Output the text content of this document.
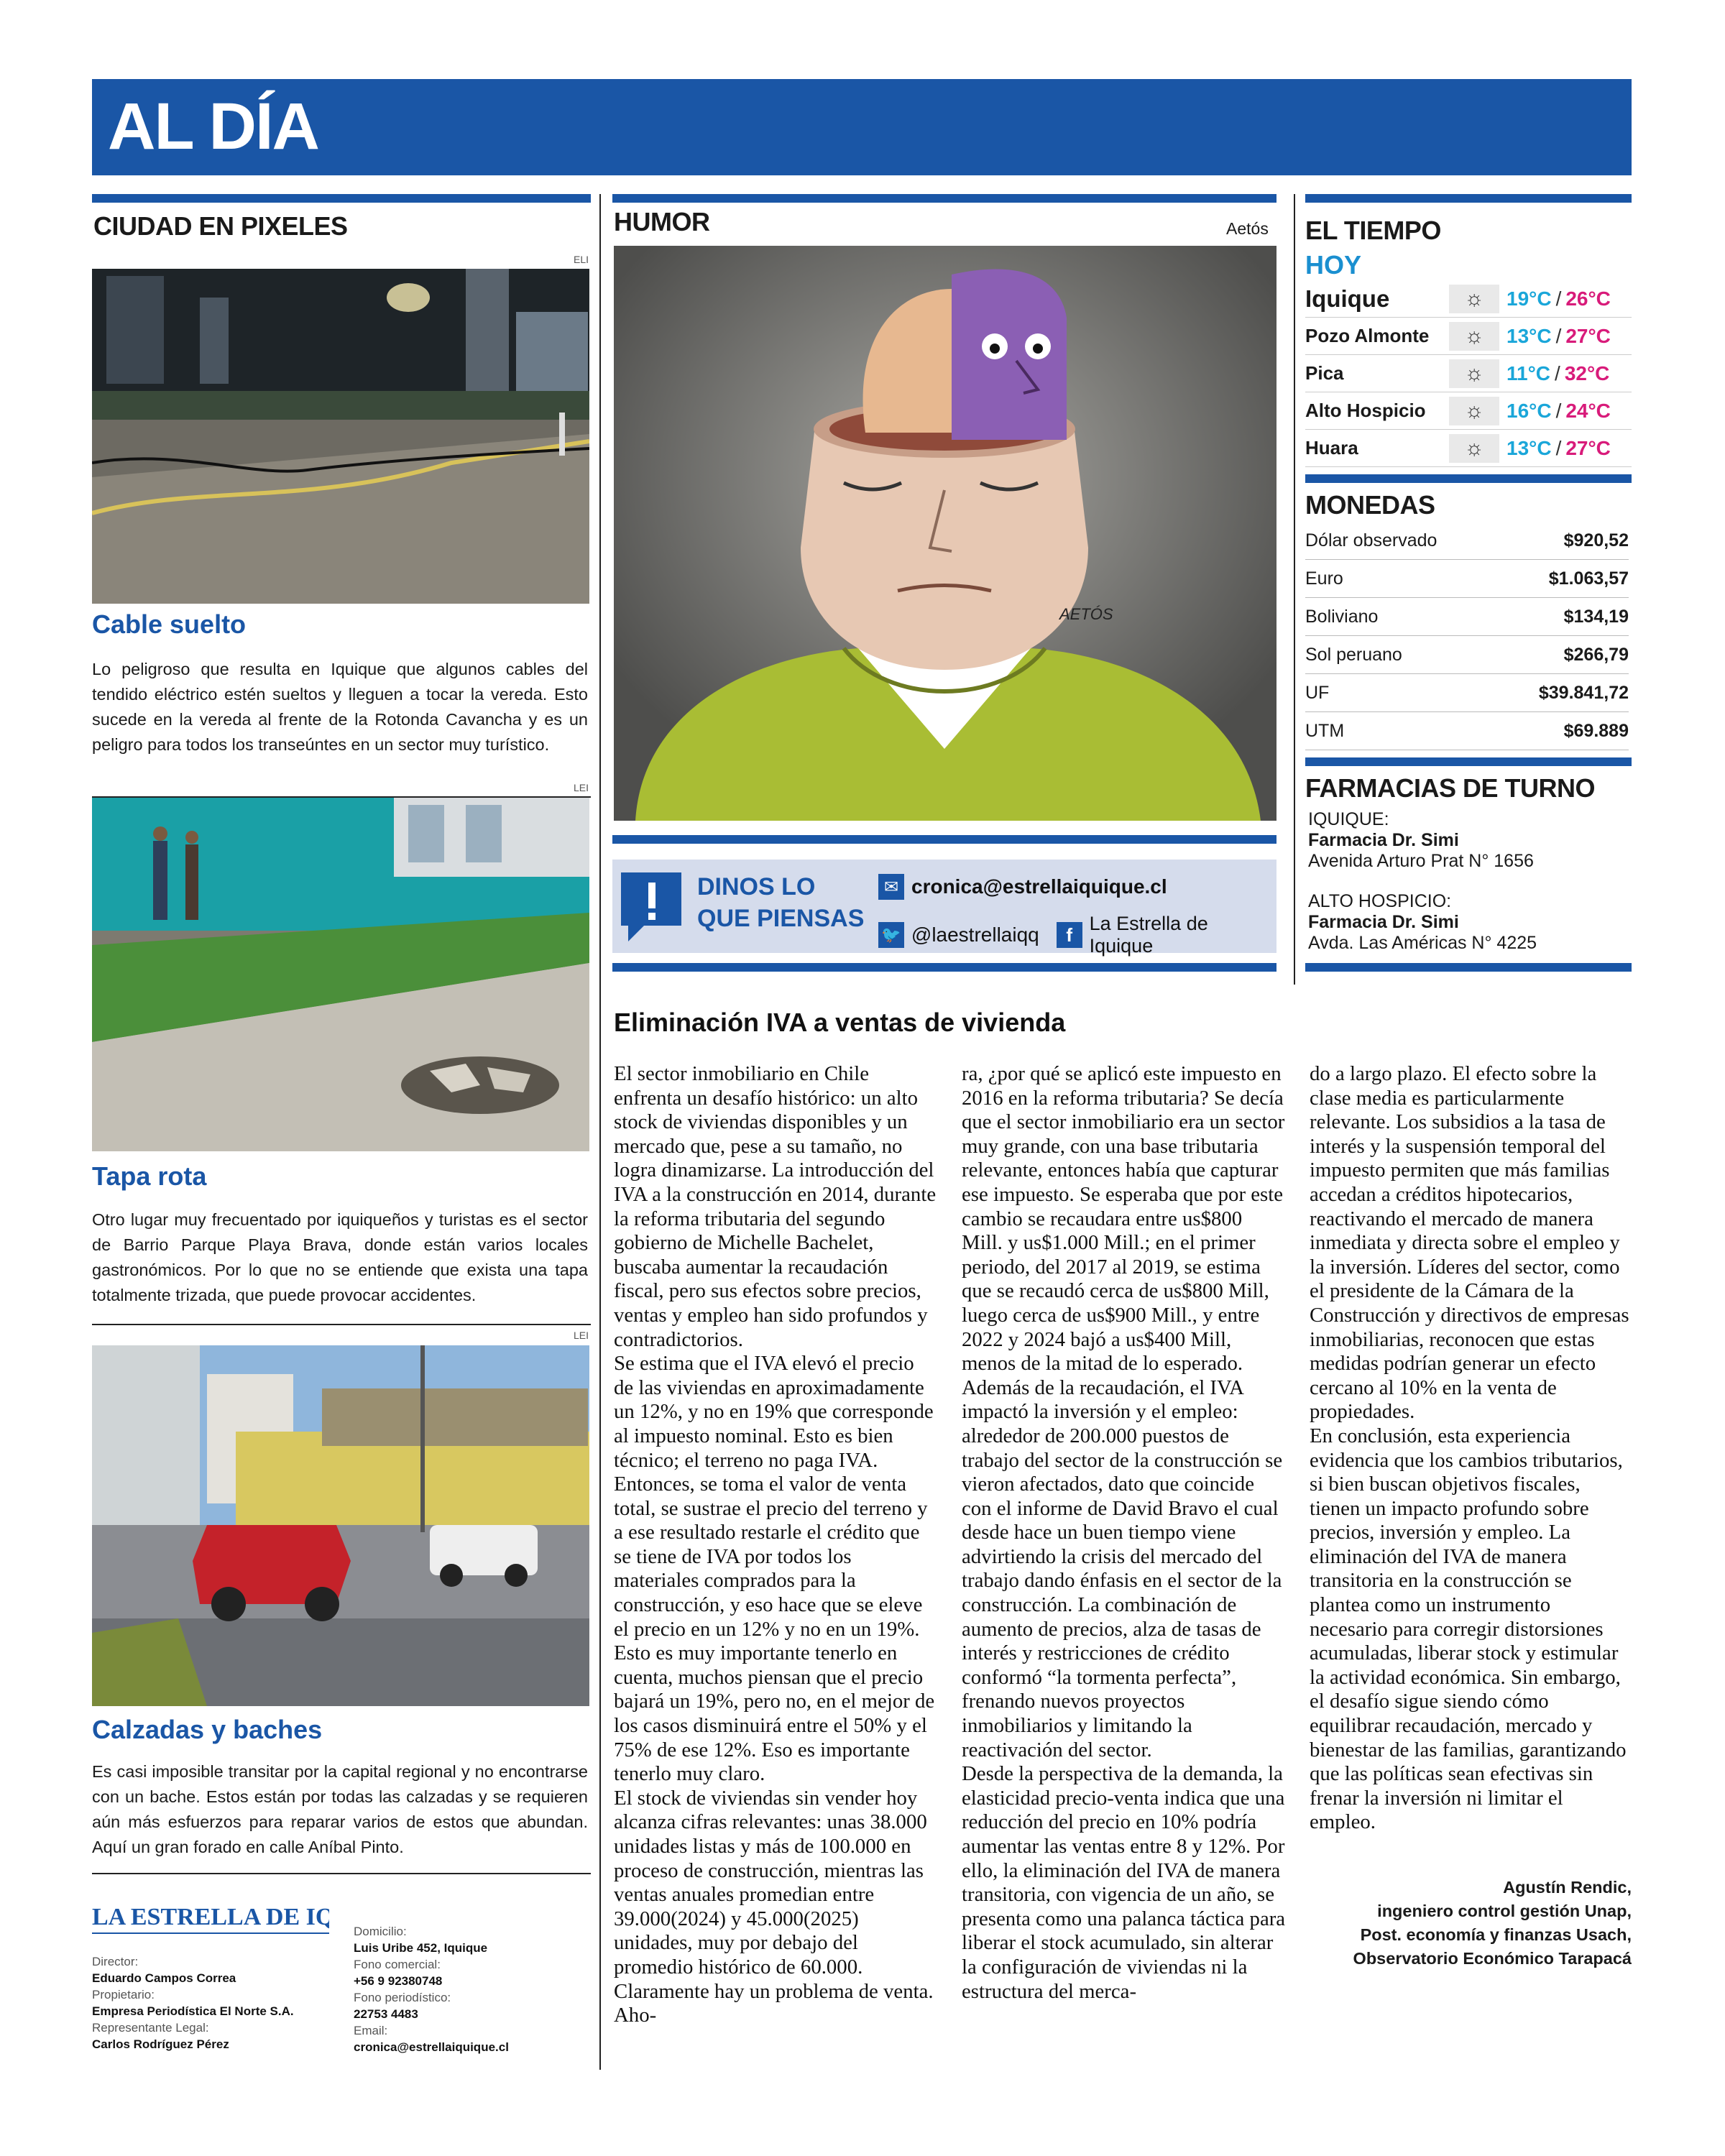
AL DÍA
CIUDAD EN PIXELES
ELI
Cable suelto
Lo peligroso que resulta en Iquique que algunos cables del tendido eléctrico estén sueltos y lleguen a tocar la vereda. Esto sucede en la vereda al frente de la Rotonda Cavancha y es un peligro para todos los transeúntes en un sector muy turístico.
LEI
Tapa rota
Otro lugar muy frecuentado por iquiqueños y turistas es el sector de Barrio Parque Playa Brava, donde están varios locales gastronómicos. Por lo que no se entiende que exista una tapa totalmente trizada, que puede provocar accidentes.
LEI
Calzadas y baches
Es casi imposible transitar por la capital regional y no encontrarse con un bache. Estos están por todas las calzadas y se requieren aún más esfuerzos para reparar varios de estos que abundan. Aquí un gran forado en calle Aníbal Pinto.
LA ESTRELLA DE IQ
Director:
Eduardo Campos Correa
Propietario:
Empresa Periodística El Norte S.A.
Representante Legal:
Carlos Rodríguez Pérez
Domicilio:
Luis Uribe 452, Iquique
Fono comercial:
+56 9 92380748
Fono periodístico:
22753 4483
Email:
cronica@estrellaiquique.cl
HUMOR	Aetós
AETÓS
DINOS LO
QUE PIENSAS
✉ cronica@estrellaiquique.cl
🐦 @laestrellaiqq	f
La Estrella de Iquique
EL TIEMPO
HOY
Iquique	☼	19°C / 26°C
Pozo Almonte	☼	13°C / 27°C
Pica	☼	11°C / 32°C
Alto Hospicio	☼	16°C / 24°C
Huara	☼	13°C / 27°C
MONEDAS
Dólar observado	$920,52
Euro	$1.063,57
Boliviano	$134,19
Sol peruano	$266,79
UF	$39.841,72
UTM	$69.889
FARMACIAS DE TURNO
IQUIQUE:
Farmacia Dr. Simi
Avenida Arturo Prat N° 1656
ALTO HOSPICIO:
Farmacia Dr. Simi
Avda. Las Américas N° 4225
Eliminación IVA a ventas de vivienda
El sector inmobiliario en Chile enfrenta un desafío histórico: un alto stock de viviendas disponibles y un mercado que, pese a su tamaño, no logra dinamizarse. La introducción del IVA a la construcción en 2014, durante la reforma tributaria del segundo gobierno de Michelle Bachelet, buscaba aumentar la recaudación fiscal, pero sus efectos sobre precios, ventas y empleo han sido profundos y contradictorios.
Se estima que el IVA elevó el precio de las viviendas en aproximadamente un 12%, y no en 19% que corresponde al impuesto nominal. Esto es bien técnico; el terreno no paga IVA. Entonces, se toma el valor de venta total, se sustrae el precio del terreno y a ese resultado restarle el crédito que se tiene de IVA por todos los materiales comprados para la construcción, y eso hace que se eleve el precio en un 12% y no en un 19%. Esto es muy importante tenerlo en cuenta, muchos piensan que el precio bajará un 19%, pero no, en el mejor de los casos disminuirá entre el 50% y el 75% de ese 12%. Eso es importante tenerlo muy claro.
El stock de viviendas sin vender hoy alcanza cifras relevantes: unas 38.000 unidades listas y más de 100.000 en proceso de construcción, mientras las ventas anuales promedian entre 39.000(2024) y 45.000(2025) unidades, muy por debajo del promedio histórico de 60.000. Claramente hay un problema de venta. Aho-
ra, ¿por qué se aplicó este impuesto en 2016 en la reforma tributaria? Se decía que el sector inmobiliario era un sector muy grande, con una base tributaria relevante, entonces había que capturar ese impuesto. Se esperaba que por este cambio se recaudara entre us$800 Mill. y us$1.000 Mill.; en el primer periodo, del 2017 al 2019, se estima que se recaudó cerca de us$800 Mill, luego cerca de us$900 Mill., y entre 2022 y 2024 bajó a us$400 Mill, menos de la mitad de lo esperado. Además de la recaudación, el IVA impactó la inversión y el empleo: alrededor de 200.000 puestos de trabajo del sector de la construcción se vieron afectados, dato que coincide con el informe de David Bravo el cual desde hace un buen tiempo viene advirtiendo la crisis del mercado del trabajo dando énfasis en el sector de la construcción. La combinación de aumento de precios, alza de tasas de interés y restricciones de crédito conformó “la tormenta perfecta”, frenando nuevos proyectos inmobiliarios y limitando la reactivación del sector.
Desde la perspectiva de la demanda, la elasticidad precio-venta indica que una reducción del precio en 10% podría aumentar las ventas entre 8 y 12%. Por ello, la eliminación del IVA de manera transitoria, con vigencia de un año, se presenta como una palanca táctica para liberar el stock acumulado, sin alterar la configuración de viviendas ni la estructura del merca-
do a largo plazo. El efecto sobre la clase media es particularmente relevante. Los subsidios a la tasa de interés y la suspensión temporal del impuesto permiten que más familias accedan a créditos hipotecarios, reactivando el mercado de manera inmediata y directa sobre el empleo y la inversión. Líderes del sector, como el presidente de la Cámara de la Construcción y directivos de empresas inmobiliarias, reconocen que estas medidas podrían generar un efecto cercano al 10% en la venta de propiedades.
En conclusión, esta experiencia evidencia que los cambios tributarios, si bien buscan objetivos fiscales, tienen un impacto profundo sobre precios, inversión y empleo. La eliminación del IVA de manera transitoria en la construcción se plantea como un instrumento necesario para corregir distorsiones acumuladas, liberar stock y estimular la actividad económica. Sin embargo, el desafío sigue siendo cómo equilibrar recaudación, mercado y bienestar de las familias, garantizando que las políticas sean efectivas sin frenar la inversión ni limitar el empleo.
Agustín Rendic,
ingeniero control gestión Unap,
Post. economía y finanzas Usach,
Observatorio Económico Tarapacá
